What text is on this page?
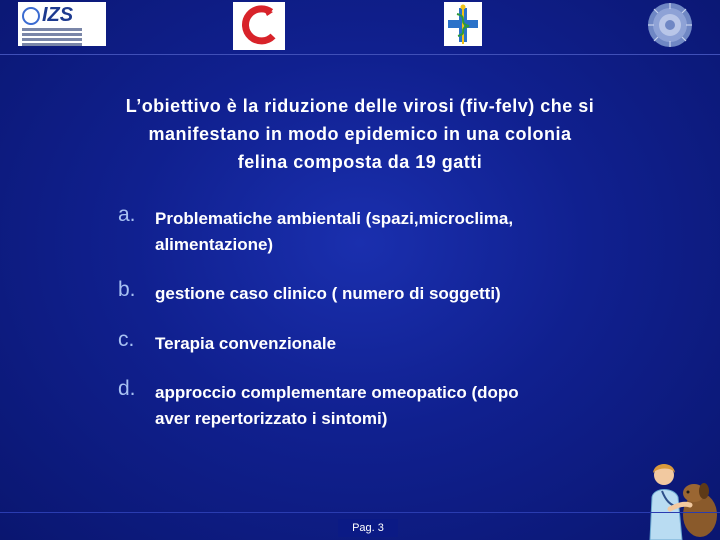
IZS
L’obiettivo è la riduzione delle virosi (fiv-felv) che si
manifestano in modo epidemico in una colonia
felina composta da 19 gatti
a. Problematiche ambientali (spazi,microclima,
alimentazione)
b. gestione caso clinico ( numero di soggetti)
c. Terapia convenzionale
d. approccio complementare omeopatico (dopo
aver repertorizzato i sintomi)
Pag. 3
